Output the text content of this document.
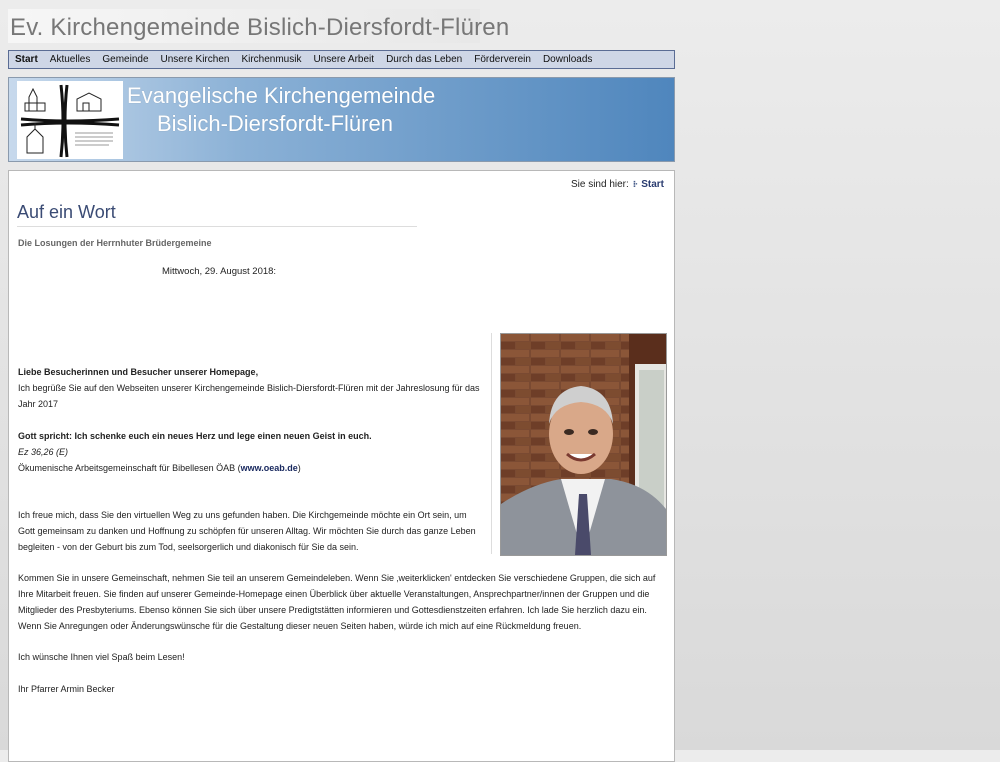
Ev. Kirchengemeinde Bislich-Diersfordt-Flüren
Start	Aktuelles	Gemeinde	Unsere Kirchen	Kirchenmusik	Unsere Arbeit	Durch das Leben	Förderverein	Downloads
Evangelische Kirchengemeinde
Bislich-Diersfordt-Flüren
Sie sind hier: ⁝· Start
Auf ein Wort
Die Losungen der Herrnhuter Brüdergemeine
Mittwoch, 29. August 2018:
Liebe Besucherinnen und Besucher unserer Homepage,
Ich begrüße Sie auf den Webseiten unserer Kirchengemeinde Bislich-Diersfordt-Flüren mit der Jahreslosung für das Jahr 2017
Gott spricht: Ich schenke euch ein neues Herz und lege einen neuen Geist in euch.
Ez 36,26 (E)
Ökumenische Arbeitsgemeinschaft für Bibellesen ÖAB (www.oeab.de)
Ich freue mich, dass Sie den virtuellen Weg zu uns gefunden haben. Die Kirchgemeinde möchte ein Ort sein, um Gott gemeinsam zu danken und Hoffnung zu schöpfen für unseren Alltag. Wir möchten Sie durch das ganze Leben begleiten - von der Geburt bis zum Tod, seelsorgerlich und diakonisch für Sie da sein.
Kommen Sie in unsere Gemeinschaft, nehmen Sie teil an unserem Gemeindeleben. Wenn Sie ‚weiterklicken' entdecken Sie verschiedene Gruppen, die sich auf Ihre Mitarbeit freuen. Sie finden auf unserer Gemeinde-Homepage einen Überblick über aktuelle Veranstaltungen, Ansprechpartner/innen der Gruppen und die Mitglieder des Presbyteriums. Ebenso können Sie sich über unsere Predigtstätten informieren und Gottesdienstzeiten erfahren. Ich lade Sie herzlich dazu ein. Wenn Sie Anregungen oder Änderungswünsche für die Gestaltung dieser neuen Seiten haben, würde ich mich auf eine Rückmeldung freuen.
Ich wünsche Ihnen viel Spaß beim Lesen!
Ihr Pfarrer Armin Becker
